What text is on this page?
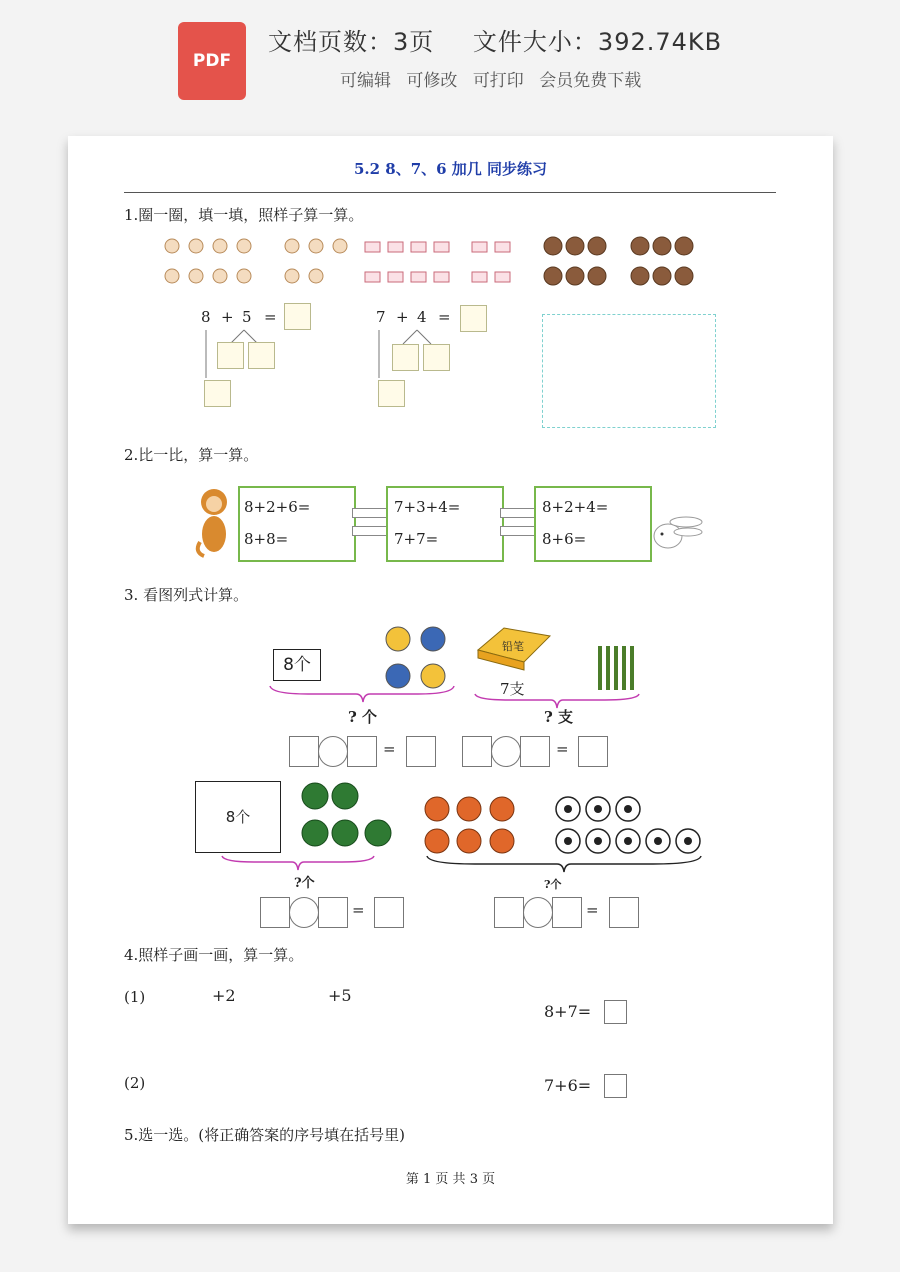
PDF
文档页数：3页 文件大小：392.74KB
可编辑 可修改 可打印 会员免费下载
5.2 8、7、6 加几 同步练习
1.圈一圈，填一填，照样子算一算。
8 + 5 =	7 + 4 =
2.比一比，算一算。
8+2+6=
8+8=
7+3+4=
7+7=
8+2+4=
8+6=
3. 看图列式计算。
8个
? 个
铅笔
7支
? 支
=	=
8个
?个	?个
=	=
4.照样子画一画，算一算。
(1)	+2	+5
8+7=
(2)	7+6=
5.选一选。(将正确答案的序号填在括号里)
第 1 页 共 3 页
